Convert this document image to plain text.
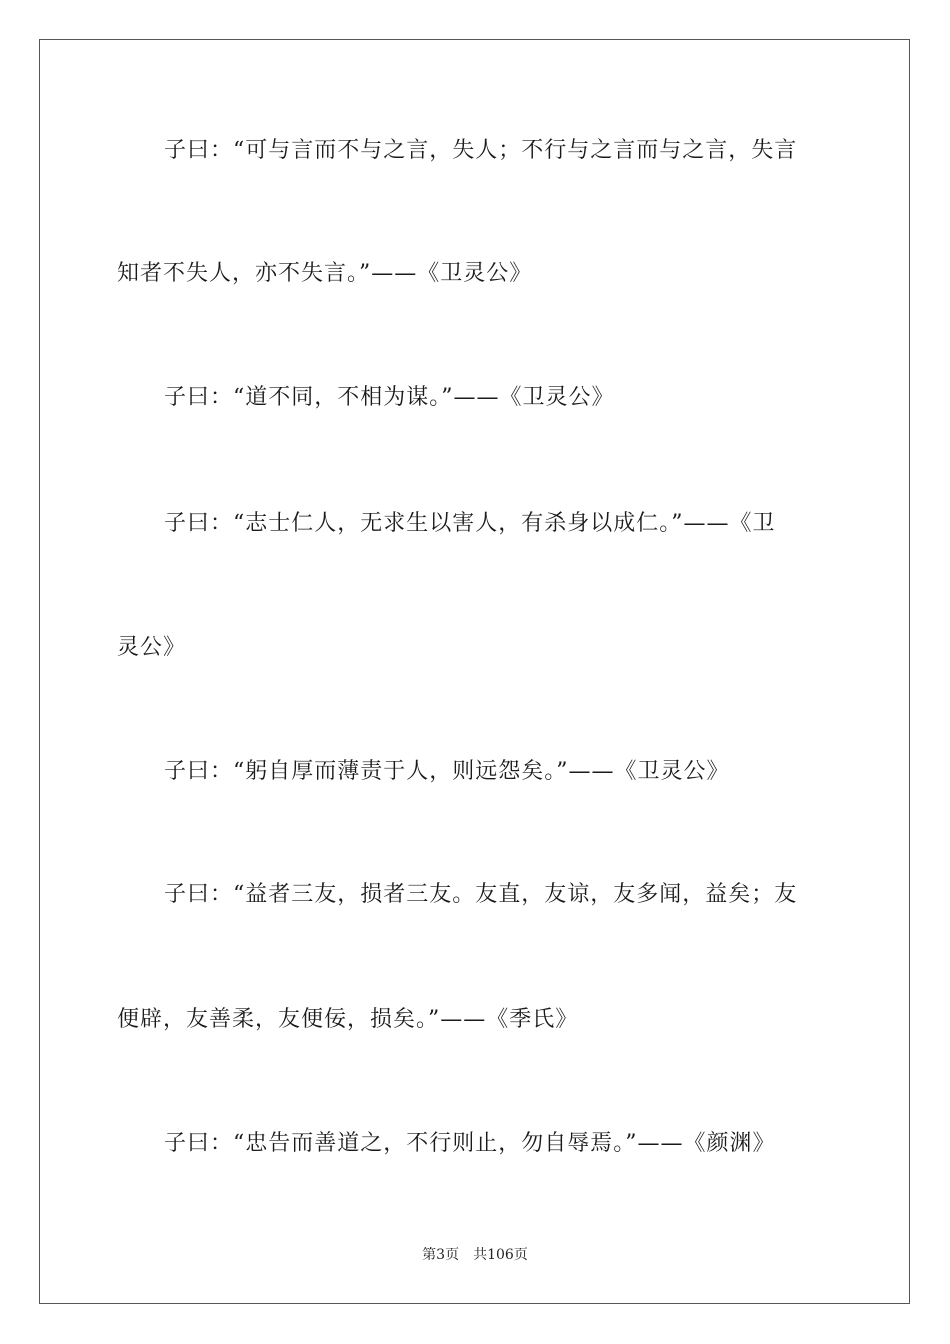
子曰：“可与言而不与之言，失人；不行与之言而与之言，失言
知者不失人，亦不失言。”——《卫灵公》
子曰：“道不同，不相为谋。”——《卫灵公》
子曰：“志士仁人，无求生以害人，有杀身以成仁。”——《卫
灵公》
子曰：“躬自厚而薄责于人，则远怨矣。”——《卫灵公》
子曰：“益者三友，损者三友。友直，友谅，友多闻，益矣；友
便辟，友善柔，友便佞，损矣。”——《季氏》
子曰：“忠告而善道之，不行则止，勿自辱焉。”——《颜渊》
第3页 共106页
